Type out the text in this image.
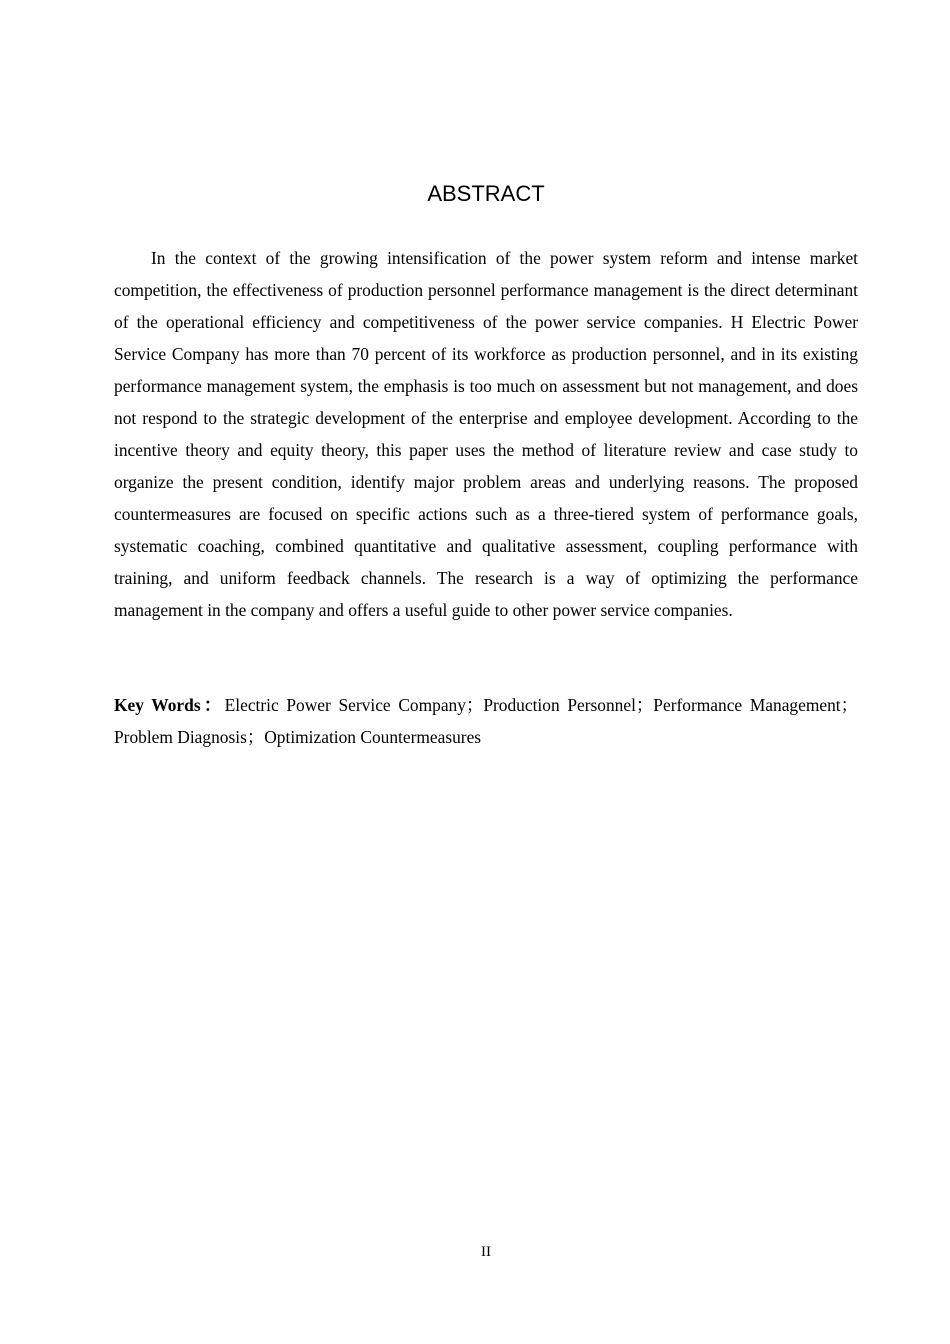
ABSTRACT

In the context of the growing intensification of the power system reform and intense market competition, the effectiveness of production personnel performance management is the direct determinant of the operational efficiency and competitiveness of the power service companies. H Electric Power Service Company has more than 70 percent of its workforce as production personnel, and in its existing performance management system, the emphasis is too much on assessment but not management, and does not respond to the strategic development of the enterprise and employee development. According to the incentive theory and equity theory, this paper uses the method of literature review and case study to organize the present condition, identify major problem areas and underlying reasons. The proposed countermeasures are focused on specific actions such as a three-tiered system of performance goals, systematic coaching, combined quantitative and qualitative assessment, coupling performance with training, and uniform feedback channels. The research is a way of optimizing the performance management in the company and offers a useful guide to other power service companies.

Key Words：Electric Power Service Company；Production Personnel；Performance Management；Problem Diagnosis；Optimization Countermeasures

II
